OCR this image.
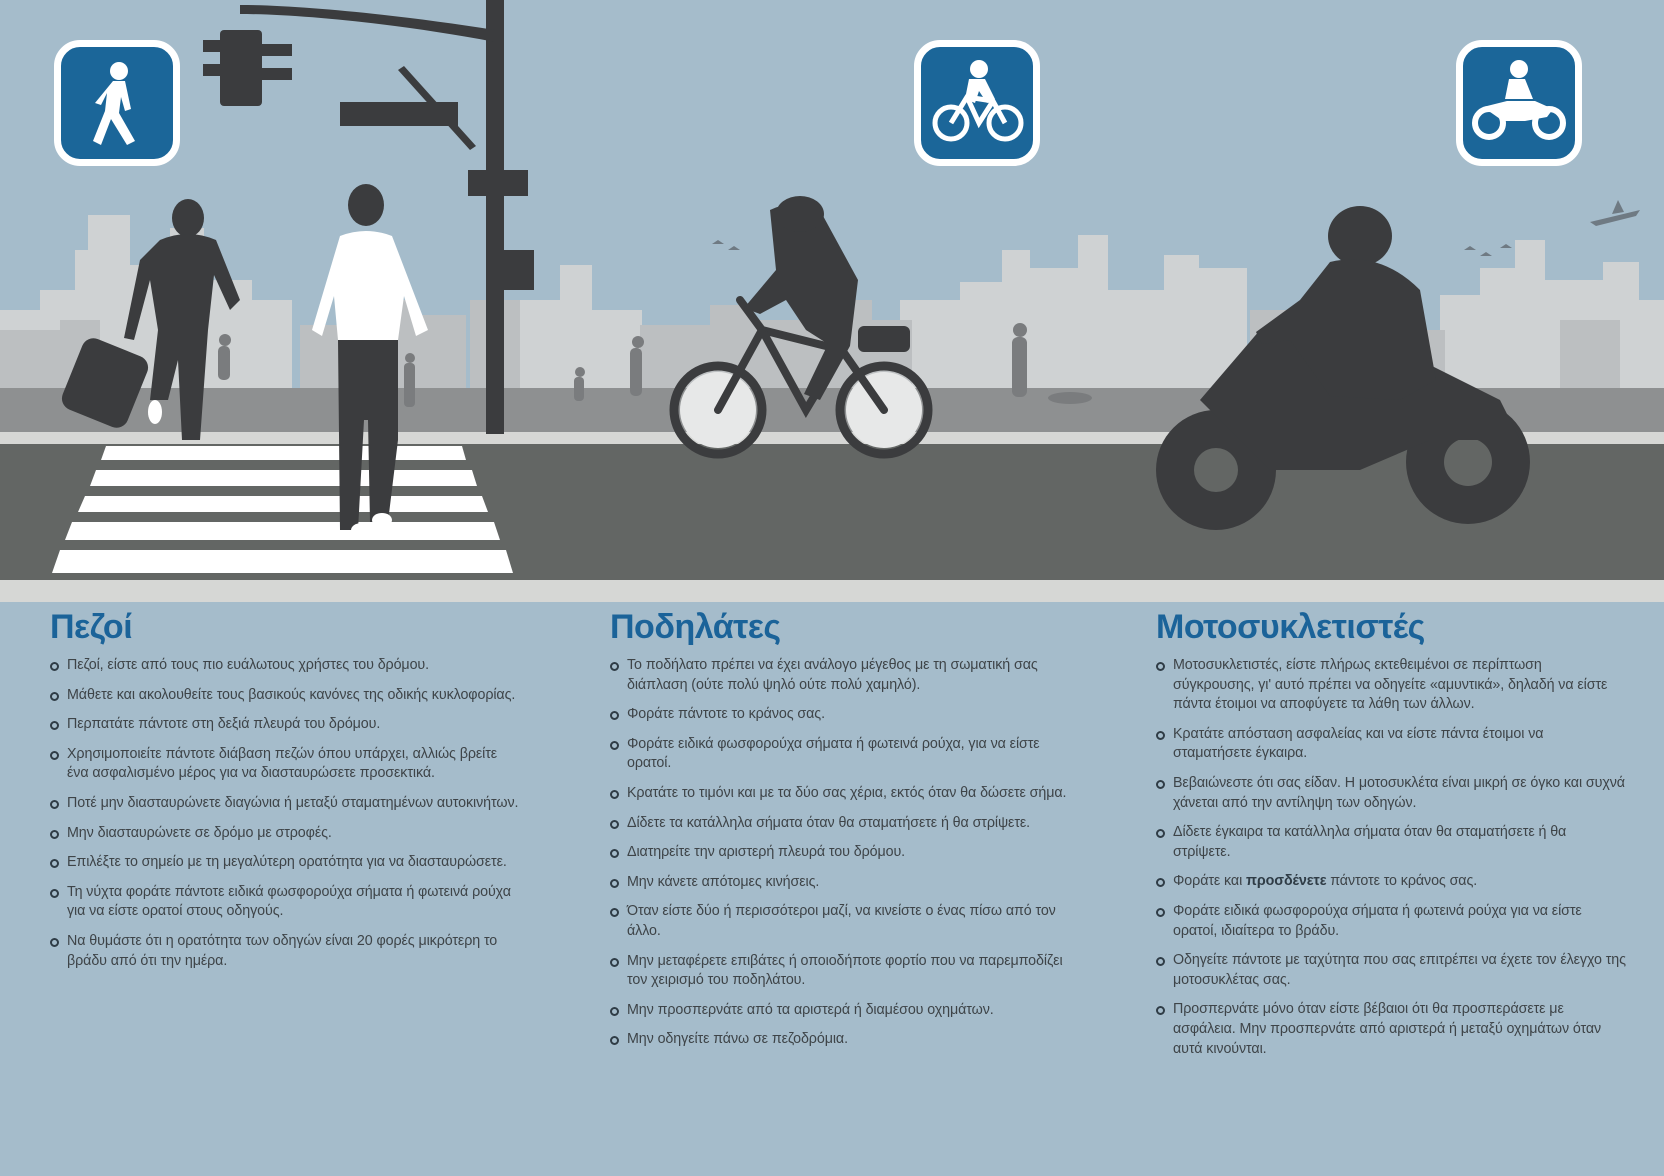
Πεζοί
Πεζοί, είστε από τους πιο ευάλωτους χρήστες του δρόμου.
Μάθετε και ακολουθείτε τους βασικούς κανόνες της οδικής κυκλοφορίας.
Περπατάτε πάντοτε στη δεξιά πλευρά του δρόμου.
Χρησιμοποιείτε πάντοτε διάβαση πεζών όπου υπάρχει, αλλιώς βρείτε ένα ασφαλισμένο μέρος για να διασταυρώσετε προσεκτικά.
Ποτέ μην διασταυρώνετε διαγώνια ή μεταξύ σταματημένων αυτοκινήτων.
Μην διασταυρώνετε σε δρόμο με στροφές.
Επιλέξτε το σημείο με τη μεγαλύτερη ορατότητα για να διασταυρώσετε.
Τη νύχτα φοράτε πάντοτε ειδικά φωσφορούχα σήματα ή φωτεινά ρούχα για να είστε ορατοί στους οδηγούς.
Να θυμάστε ότι η ορατότητα των οδηγών είναι 20 φορές μικρότερη το βράδυ από ότι την ημέρα.
Ποδηλάτες
Το ποδήλατο πρέπει να έχει ανάλογο μέγεθος με τη σωματική σας διάπλαση (ούτε πολύ ψηλό ούτε πολύ χαμηλό).
Φοράτε πάντοτε το κράνος σας.
Φοράτε ειδικά φωσφορούχα σήματα ή φωτεινά ρούχα, για να είστε ορατοί.
Κρατάτε το τιμόνι και με τα δύο σας χέρια, εκτός όταν θα δώσετε σήμα.
Δίδετε τα κατάλληλα σήματα όταν θα σταματήσετε ή θα στρίψετε.
Διατηρείτε την αριστερή πλευρά του δρόμου.
Μην κάνετε απότομες κινήσεις.
Όταν είστε δύο ή περισσότεροι μαζί, να κινείστε ο ένας πίσω από τον άλλο.
Μην μεταφέρετε επιβάτες ή οποιοδήποτε φορτίο που να παρεμποδίζει τον χειρισμό του ποδηλάτου.
Μην προσπερνάτε από τα αριστερά ή διαμέσου οχημάτων.
Μην οδηγείτε πάνω σε πεζοδρόμια.
Μοτοσυκλετιστές
Μοτοσυκλετιστές, είστε πλήρως εκτεθειμένοι σε περίπτωση σύγκρουσης, γι' αυτό πρέπει να οδηγείτε «αμυντικά», δηλαδή να είστε πάντα έτοιμοι να αποφύγετε τα λάθη των άλλων.
Κρατάτε απόσταση ασφαλείας και να είστε πάντα έτοιμοι να σταματήσετε έγκαιρα.
Βεβαιώνεστε ότι σας είδαν. Η μοτοσυκλέτα είναι μικρή σε όγκο και συχνά χάνεται από την αντίληψη των οδηγών.
Δίδετε έγκαιρα τα κατάλληλα σήματα όταν θα σταματήσετε ή θα στρίψετε.
Φοράτε και προσδένετε πάντοτε το κράνος σας.
Φοράτε ειδικά φωσφορούχα σήματα ή φωτεινά ρούχα για να είστε ορατοί, ιδιαίτερα το βράδυ.
Οδηγείτε πάντοτε με ταχύτητα που σας επιτρέπει να έχετε τον έλεγχο της μοτοσυκλέτας σας.
Προσπερνάτε μόνο όταν είστε βέβαιοι ότι θα προσπεράσετε με ασφάλεια. Μην προσπερνάτε από αριστερά ή μεταξύ οχημάτων όταν αυτά κινούνται.
